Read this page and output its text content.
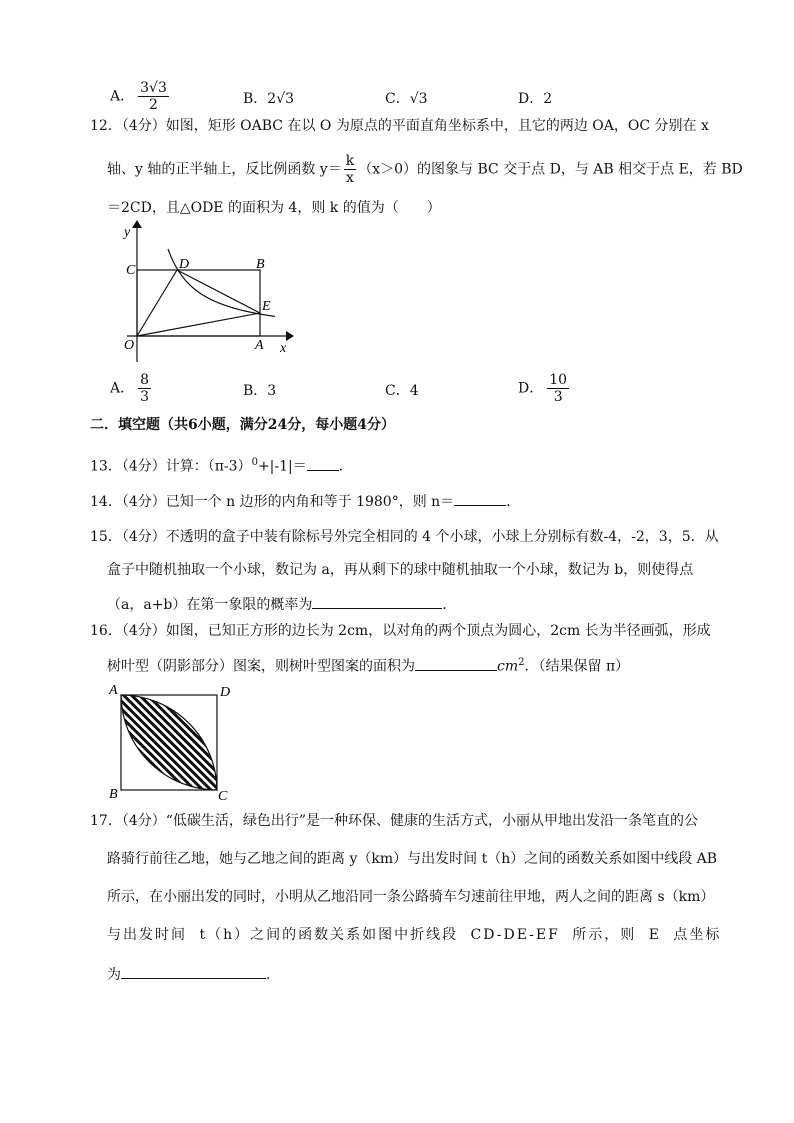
A． $\frac{3√3}{2}$	B．2√3	C．√3	D．2
12．（4分）如图，矩形 OABC 在以 O 为原点的平面直角坐标系中，且它的两边 OA，OC 分别在 x
轴、y 轴的正半轴上，反比例函数 $y= \frac{k}{x} (x>0)$的图象与 BC 交于点 D，与 AB 相交于点 E，若 BD
＝2CD，且△ODE 的面积为 4，则 k 的值为（　　）
y
x
O	A
B
C	D
E
A． $\frac{8}{3}$	B．3	C．4	D． $\frac{10}{3}$
二．填空题（共6小题，满分24分，每小题4分）
13．（4分）计算：$(\pi-3)^0+|-1|=$ ．
14．（4分）已知一个 n 边形的内角和等于 1980°，则 n＝	．
15．（4分）不透明的盒子中装有除标号外完全相同的 4 个小球，小球上分别标有数-4，-2，3，5．从
盒子中随机抽取一个小球，数记为 a，再从剩下的球中随机抽取一个小球，数记为 b，则使得点
（a，a+b）在第一象限的概率为	．
16．（4分）如图，已知正方形的边长为 2cm，以对角的两个顶点为圆心，2cm 长为半径画弧，形成
树叶型（阴影部分）图案，则树叶型图案的面积为	$cm^2$．（结果保留 π）
A	D
B	C
17．（4分）“低碳生活，绿色出行”是一种环保、健康的生活方式，小丽从甲地出发沿一条笔直的公
路骑行前往乙地，她与乙地之间的距离 y（km）与出发时间 t（h）之间的函数关系如图中线段 AB
所示，在小丽出发的同时，小明从乙地沿同一条公路骑车匀速前往甲地，两人之间的距离 s（km）
与出发时间 t（h）之间的函数关系如图中折线段 CD-DE-EF 所示，则 E 点坐标
为	．
